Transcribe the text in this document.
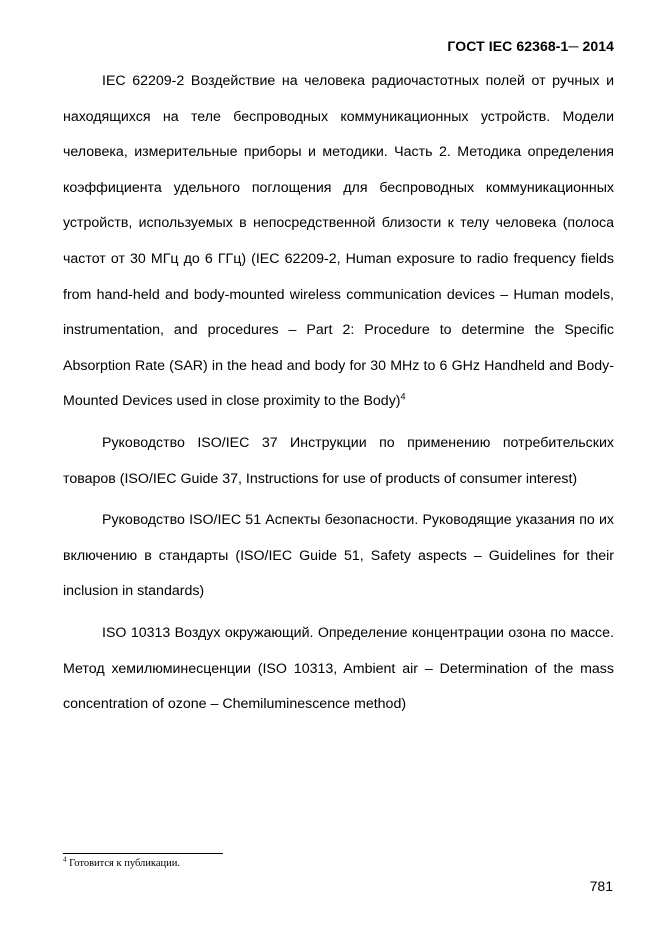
ГОСТ IEC 62368-1─ 2014

IEC 62209-2 Воздействие на человека радиочастотных полей от ручных и находящихся на теле беспроводных коммуникационных устройств. Модели человека, измерительные приборы и методики. Часть 2. Методика определения коэффициента удельного поглощения для беспроводных коммуникационных устройств, используемых в непосредственной близости к телу человека (полоса частот от 30 МГц до 6 ГГц) (IEC 62209-2, Human exposure to radio frequency fields from hand-held and body-mounted wireless communication devices – Human models, instrumentation, and procedures – Part 2: Procedure to determine the Specific Absorption Rate (SAR) in the head and body for 30 MHz to 6 GHz Handheld and Body-Mounted Devices used in close proximity to the Body)$^4$

Руководство ISO/IEC 37 Инструкции по применению потребительских товаров (ISO/IEC Guide 37, Instructions for use of products of consumer interest)

Руководство ISO/IEC 51 Аспекты безопасности. Руководящие указания по их включению в стандарты (ISO/IEC Guide 51, Safety aspects – Guidelines for their inclusion in standards)

ISO 10313 Воздух окружающий. Определение концентрации озона по массе. Метод хемилюминесценции (ISO 10313, Ambient air – Determination of the mass concentration of ozone – Chemiluminescence method)

$^4$ Готовится к публикации.
781
